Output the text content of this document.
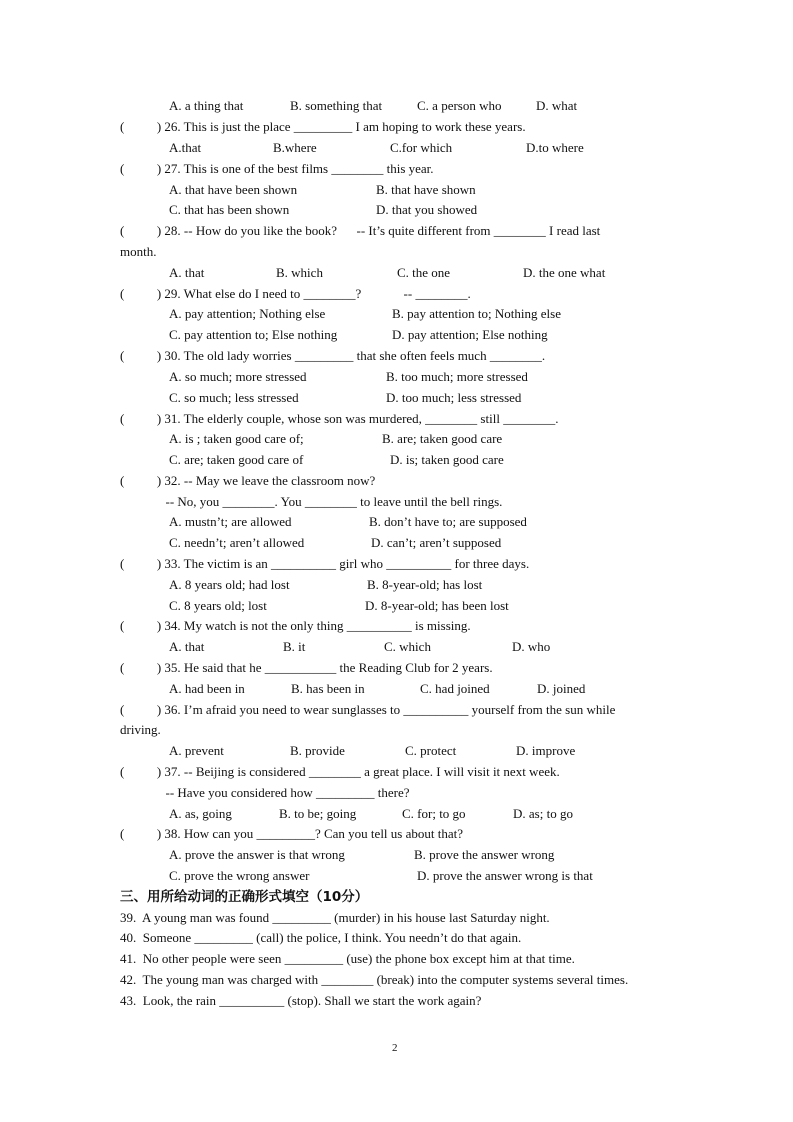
A. a thing that

	B. something that

	C. a person who

	D. what

(          ) 26. This is just the place _________ I am hoping to work these years.

A.that

	B.where

	C.for which

	D.to where

(          ) 27. This is one of the best films ________ this year.

A. that have been shown

	B. that have shown

C. that has been shown

	D. that you showed

(          ) 28. -- How do you like the book?      -- It’s quite different from ________ I read last
month.

A. that

	B. which

	C. the one

	D. the one what

(          ) 29. What else do I need to ________?             -- ________.

A. pay attention; Nothing else

	B. pay attention to; Nothing else

C. pay attention to; Else nothing

	D. pay attention; Else nothing

(          ) 30. The old lady worries _________ that she often feels much ________.

A. so much; more stressed

	B. too much; more stressed

C. so much; less stressed

	D. too much; less stressed

(          ) 31. The elderly couple, whose son was murdered, ________ still ________.

A. is ; taken good care of;

	B. are; taken good care

C. are; taken good care of

	D. is; taken good care

(          ) 32. -- May we leave the classroom now?
-- No, you ________. You ________ to leave until the bell rings.

A. mustn’t; are allowed

	B. don’t have to; are supposed

C. needn’t; aren’t allowed

	D. can’t; aren’t supposed

(          ) 33. The victim is an __________ girl who __________ for three days.

A. 8 years old; had lost

	B. 8-year-old; has lost

C. 8 years old; lost

	D. 8-year-old; has been lost

(          ) 34. My watch is not the only thing __________ is missing.

A. that

	B. it

	C. which

	D. who

(          ) 35. He said that he ___________ the Reading Club for 2 years.

A. had been in

	B. has been in

	C. had joined

	D. joined

(          ) 36. I’m afraid you need to wear sunglasses to __________ yourself from the sun while
driving.

A. prevent

	B. provide

	C. protect

	D. improve

(          ) 37. -- Beijing is considered ________ a great place. I will visit it next week.
-- Have you considered how _________ there?

A. as, going

	B. to be; going

	C. for; to go

	D. as; to go

(          ) 38. How can you _________? Can you tell us about that?

A. prove the answer is that wrong

	B. prove the answer wrong

C. prove the wrong answer

	D. prove the answer wrong is that

三、用所给动词的正确形式填空（10分）
39.  A young man was found _________ (murder) in his house last Saturday night.
40.  Someone _________ (call) the police, I think. You needn’t do that again.
41.  No other people were seen _________ (use) the phone box except him at that time.
42.  The young man was charged with ________ (break) into the computer systems several times.
43.  Look, the rain __________ (stop). Shall we start the work again?
2
